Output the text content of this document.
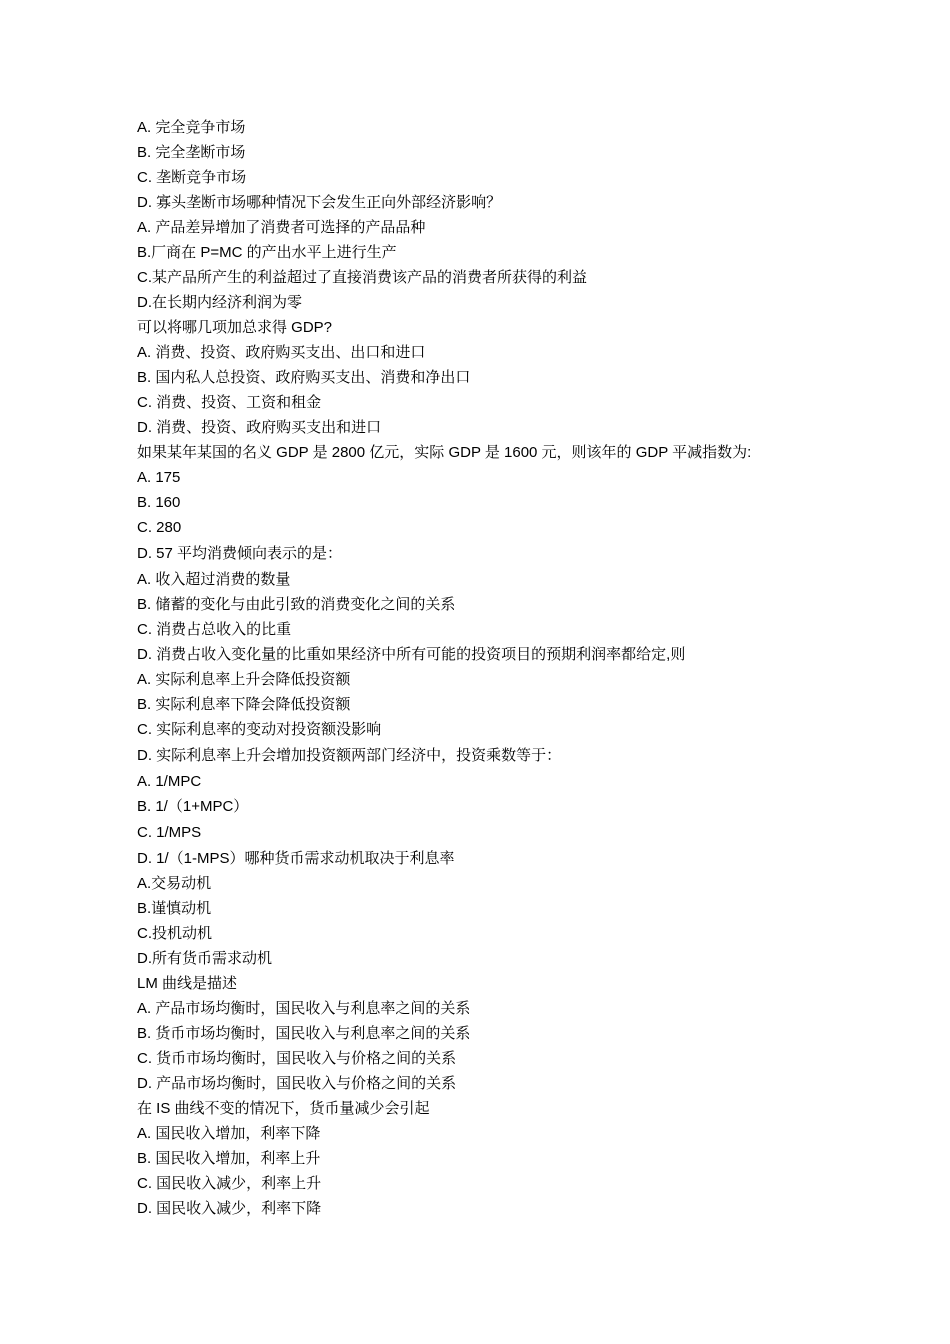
A. 完全竞争市场
B. 完全垄断市场
C. 垄断竞争市场
D. 寡头垄断市场哪种情况下会发生正向外部经济影响？
A. 产品差异增加了消费者可选择的产品品种
B.厂商在 P=MC 的产出水平上进行生产
C.某产品所产生的利益超过了直接消费该产品的消费者所获得的利益
D.在长期内经济利润为零
可以将哪几项加总求得 GDP?
A. 消费、投资、政府购买支出、出口和进口
B. 国内私人总投资、政府购买支出、消费和净出口
C. 消费、投资、工资和租金
D. 消费、投资、政府购买支出和进口
如果某年某国的名义 GDP 是 2800 亿元，实际 GDP 是 1600 元，则该年的 GDP 平减指数为:
A. 175
B. 160
C. 280
D. 57 平均消费倾向表示的是：
A. 收入超过消费的数量
B. 储蓄的变化与由此引致的消费变化之间的关系
C. 消费占总收入的比重
D. 消费占收入变化量的比重如果经济中所有可能的投资项目的预期利润率都给定,则
A. 实际利息率上升会降低投资额
B. 实际利息率下降会降低投资额
C. 实际利息率的变动对投资额没影响
D. 实际利息率上升会增加投资额两部门经济中，投资乘数等于：
A. 1/MPC
B. 1/（1+MPC）
C. 1/MPS
D. 1/（1-MPS）哪种货币需求动机取决于利息率
A.交易动机
B.谨慎动机
C.投机动机
D.所有货币需求动机
LM 曲线是描述
A. 产品市场均衡时，国民收入与利息率之间的关系
B. 货币市场均衡时，国民收入与利息率之间的关系
C. 货币市场均衡时，国民收入与价格之间的关系
D. 产品市场均衡时，国民收入与价格之间的关系
在 IS 曲线不变的情况下，货币量减少会引起
A. 国民收入增加，利率下降
B. 国民收入增加，利率上升
C. 国民收入减少，利率上升
D. 国民收入减少，利率下降
